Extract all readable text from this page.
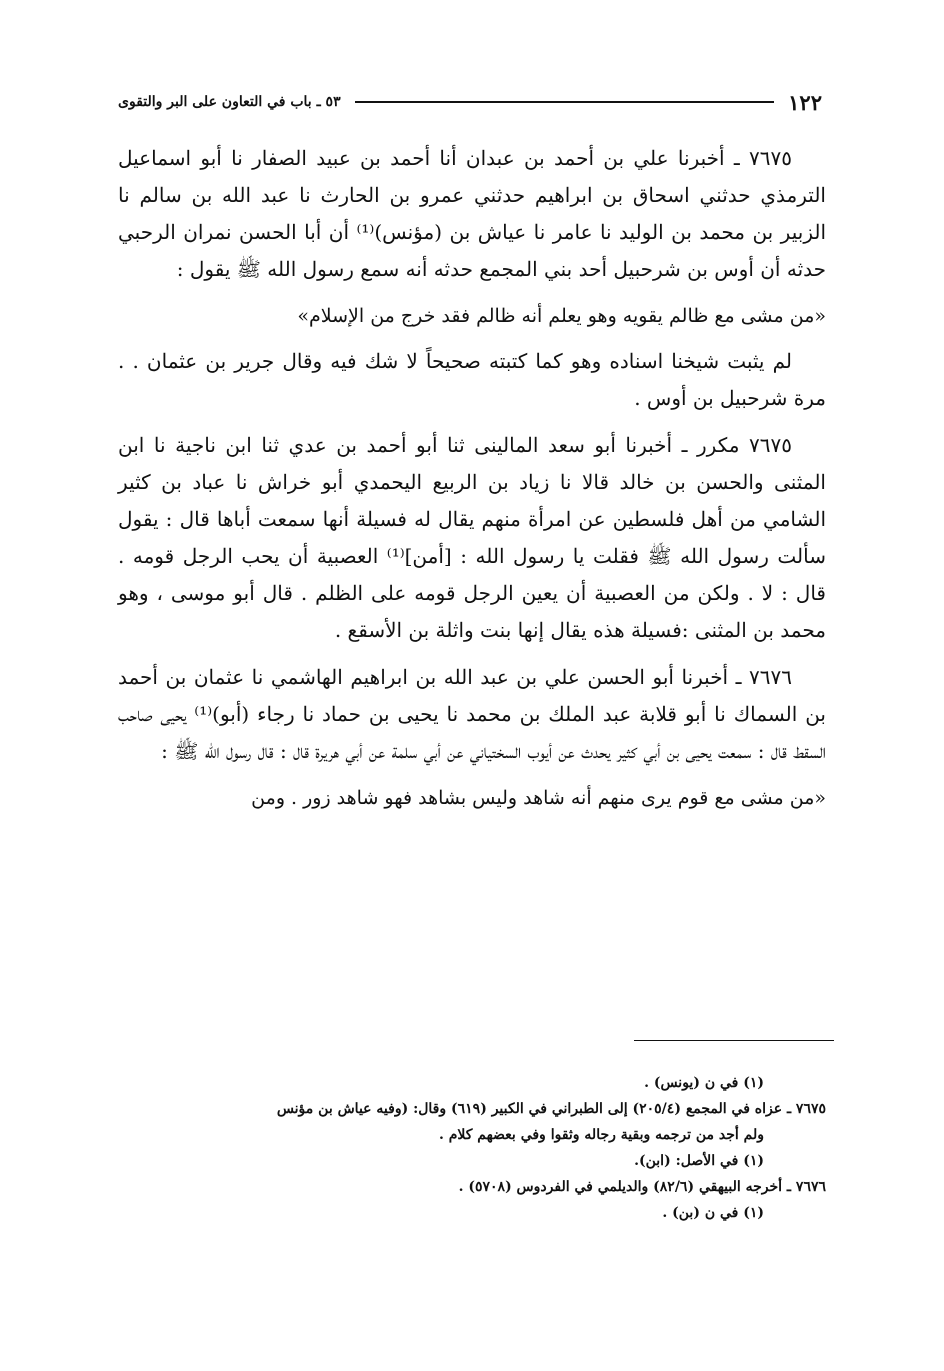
١٢٢
٥٣ ـ باب في التعاون على البر والتقوى

٧٦٧٥ ـ أخبرنا علي بن أحمد بن عبدان أنا أحمد بن عبيد الصفار نا أبو اسماعيل الترمذي حدثني اسحاق بن ابراهيم حدثني عمرو بن الحارث نا عبد الله بن سالم نا الزبير بن محمد بن الوليد نا عامر نا عياش بن (مؤنس)⁽¹⁾ أن أبا الحسن نمران الرحبي حدثه أن أوس بن شرحبيل أحد بني المجمع حدثه أنه سمع رسول الله ﷺ يقول :

«من مشى مع ظالم يقويه وهو يعلم أنه ظالم فقد خرج من الإسلام»

لم يثبت شيخنا اسناده وهو كما كتبته صحيحاً لا شك فيه وقال جرير بن عثمان . . مرة شرحبيل بن أوس .

٧٦٧٥ مكرر ـ أخبرنا أبو سعد المالينى ثنا أبو أحمد بن عدي ثنا ابن ناجية نا ابن المثنى والحسن بن خالد قالا نا زياد بن الربيع اليحمدي أبو خراش نا عباد بن كثير الشامي من أهل فلسطين عن امرأة منهم يقال له فسيلة أنها سمعت أباها قال : يقول سألت رسول الله ﷺ فقلت يا رسول الله : [أمن]⁽¹⁾ العصبية أن يحب الرجل قومه . قال : لا . ولكن من العصبية أن يعين الرجل قومه على الظلم . قال أبو موسى ، وهو محمد بن المثنى :فسيلة هذه يقال إنها بنت واثلة بن الأسقع .

٧٦٧٦ ـ أخبرنا أبو الحسن علي بن عبد الله بن ابراهيم الهاشمي نا عثمان بن أحمد بن السماك نا أبو قلابة عبد الملك بن محمد نا يحيى بن حماد نا رجاء (أبو)⁽¹⁾ يحيى صاحب السقط قال : سمعت يحيى بن أبي كثير يحدث عن أيوب السختياني عن أبي سلمة عن أبي هريرة قال : قال رسول الله ﷺ :

«من مشى مع قوم يرى منهم أنه شاهد وليس بشاهد فهو شاهد زور . ومن

(١) في ن (يونس) .
٧٦٧٥ ـ عزاه في المجمع (٢٠٥/٤) إلى الطبراني في الكبير (٦١٩) وقال: (وفيه عياش بن مؤنس
ولم أجد من ترجمه وبقية رجاله وثقوا وفي بعضهم كلام .
(١) في الأصل: (ابن).
٧٦٧٦ ـ أخرجه البيهقي (٨٢/٦) والديلمي في الفردوس (٥٧٠٨) .
(١) في ن (بن) .
